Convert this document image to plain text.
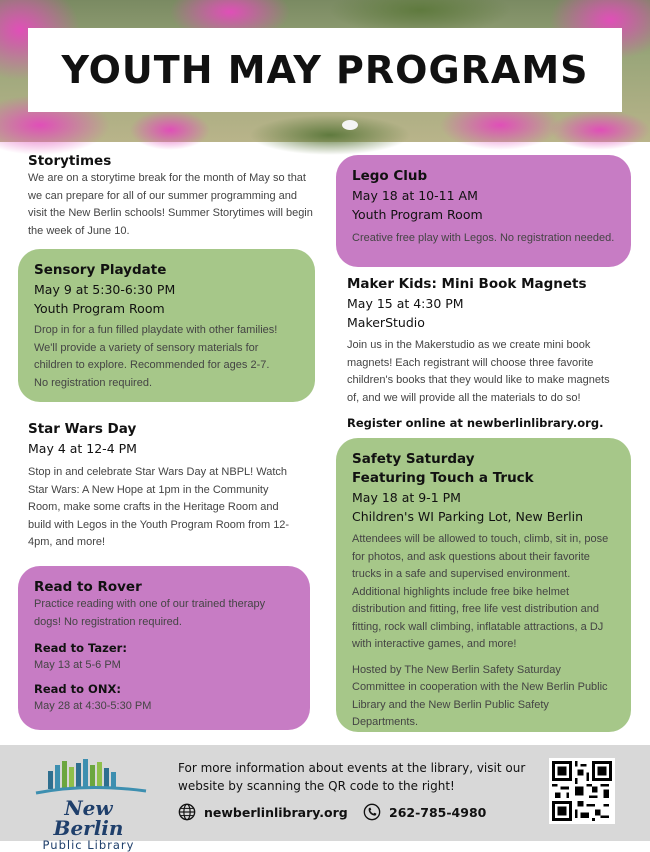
YOUTH MAY PROGRAMS
Storytimes
We are on a storytime break for the month of May so that we can prepare for all of our summer programming and visit the New Berlin schools! Summer Storytimes will begin the week of June 10.
Sensory Playdate
May 9 at 5:30-6:30 PM
Youth Program Room
Drop in for a fun filled playdate with other families! We'll provide a variety of sensory materials for children to explore. Recommended for ages 2-7.
No registration required.
Star Wars Day
May 4 at 12-4 PM
Stop in and celebrate Star Wars Day at NBPL! Watch Star Wars: A New Hope at 1pm in the Community Room, make some crafts in the Heritage Room and build with Legos in the Youth Program Room from 12-4pm, and more!
Read to Rover
Practice reading with one of our trained therapy dogs! No registration required.
Read to Tazer:
May 13 at 5-6 PM
Read to ONX:
May 28 at 4:30-5:30 PM
Lego Club
May 18 at 10-11 AM
Youth Program Room
Creative free play with Legos. No registration needed.
Maker Kids: Mini Book Magnets
May 15 at 4:30 PM
MakerStudio
Join us in the Makerstudio as we create mini book magnets! Each registrant will choose three favorite children's books that they would like to make magnets of, and we will provide all the materials to do so!
Register online at newberlinlibrary.org.
Safety Saturday
Featuring Touch a Truck
May 18 at 9-1 PM
Children's WI Parking Lot, New Berlin
Attendees will be allowed to touch, climb, sit in, pose for photos, and ask questions about their favorite trucks in a safe and supervised environment. Additional highlights include free bike helmet distribution and fitting, free life vest distribution and fitting, rock wall climbing, inflatable attractions, a DJ with interactive games, and more!
Hosted by The New Berlin Safety Saturday Committee in cooperation with the New Berlin Public Library and the New Berlin Public Safety Departments.
New Berlin
Public Library
For more information about events at the library, visit our website by scanning the QR code to the right!
newberlinlibrary.org	262-785-4980
